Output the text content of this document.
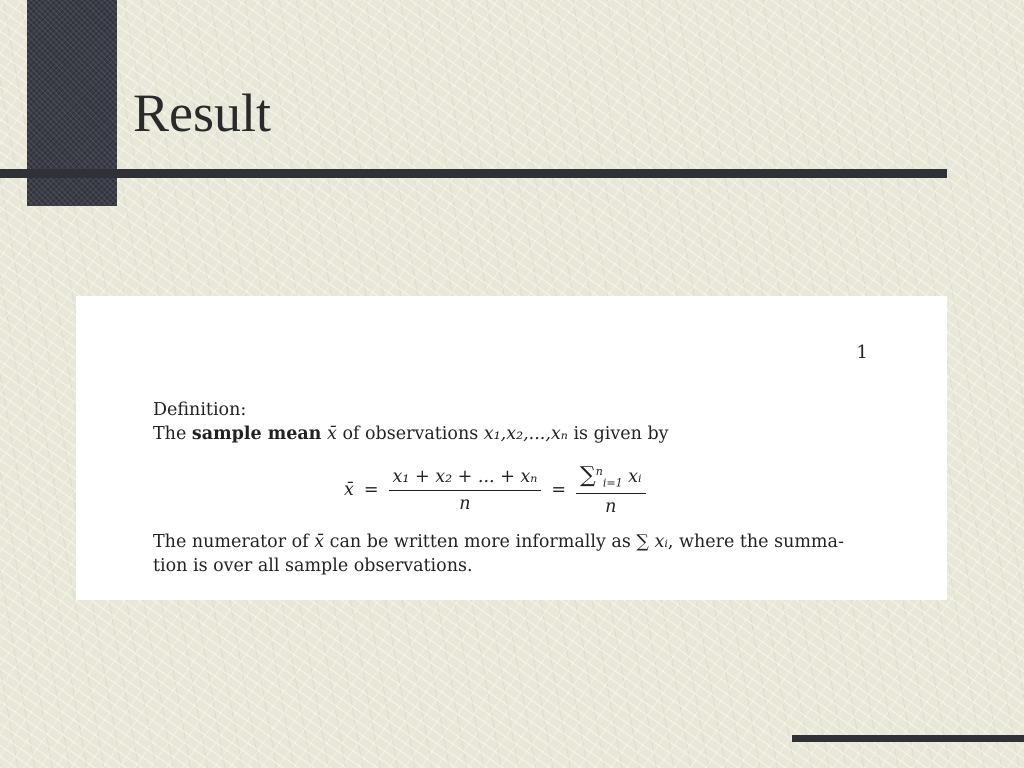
Result
1

Definition:
The sample mean x̄ of observations x₁,x₂,...,xₙ is given by

x̄ = $\frac{\text{x₁ + x₂ + ... + xₙ}}{n} = \frac{\sum^n_{i=1} xᵢ}{n}$

The numerator of x̄ can be written more informally as ∑ xᵢ, where the summa-tion is over all sample observations.
